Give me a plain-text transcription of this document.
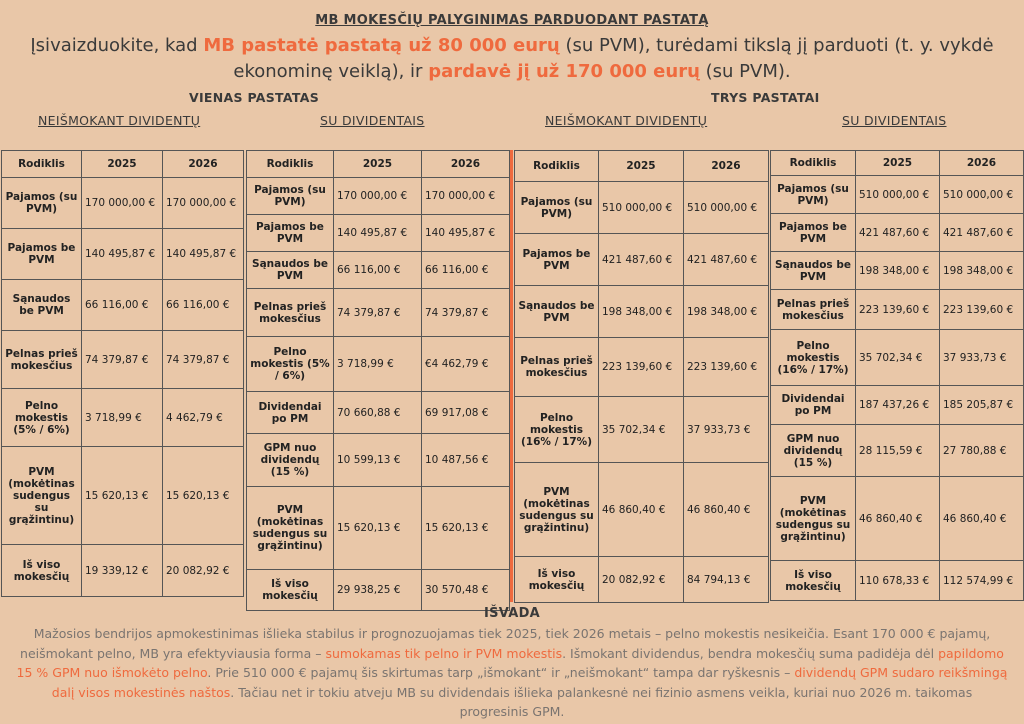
MB MOKESČIŲ PALYGINIMAS PARDUODANT PASTATĄ
Įsivaizduokite, kad MB pastatė pastatą už 80 000 eurų (su PVM), turėdami tikslą jį parduoti (t. y. vykdė ekonominę veiklą), ir pardavė jį už 170 000 eurų (su PVM).
VIENAS PASTATAS	TRYS PASTATAI
NEIŠMOKANT DIVIDENTŲ	SU DIVIDENTAIS	NEIŠMOKANT DIVIDENTŲ	SU DIVIDENTAIS
Rodiklis	2025	2026
Pajamos (su PVM)	170 000,00 €	170 000,00 €
Pajamos be PVM	140 495,87 €	140 495,87 €
Sąnaudos be PVM	66 116,00 €	66 116,00 €
Pelnas prieš mokesčius	74 379,87 €	74 379,87 €
Pelno mokestis (5% / 6%)	3 718,99 €	4 462,79 €
PVM (mokėtinas sudengus su grąžintinu)	15 620,13 €	15 620,13 €
Iš viso mokesčių	19 339,12 €	20 082,92 €
Rodiklis	2025	2026
Pajamos (su PVM)	170 000,00 €	170 000,00 €
Pajamos be PVM	140 495,87 €	140 495,87 €
Sąnaudos be PVM	66 116,00 €	66 116,00 €
Pelnas prieš mokesčius	74 379,87 €	74 379,87 €
Pelno mokestis (5% / 6%)	3 718,99 €	€4 462,79 €
Dividendai po PM	70 660,88 €	69 917,08 €
GPM nuo dividendų (15 %)	10 599,13 €	10 487,56 €
PVM (mokėtinas sudengus su grąžintinu)	15 620,13 €	15 620,13 €
Iš viso mokesčių	29 938,25 €	30 570,48 €
Rodiklis	2025	2026
Pajamos (su PVM)	510 000,00 €	510 000,00 €
Pajamos be PVM	421 487,60 €	421 487,60 €
Sąnaudos be PVM	198 348,00 €	198 348,00 €
Pelnas prieš mokesčius	223 139,60 €	223 139,60 €
Pelno mokestis (16% / 17%)	35 702,34 €	37 933,73 €
PVM (mokėtinas sudengus su grąžintinu)	46 860,40 €	46 860,40 €
Iš viso mokesčių	20 082,92 €	84 794,13 €
Rodiklis	2025	2026
Pajamos (su PVM)	510 000,00 €	510 000,00 €
Pajamos be PVM	421 487,60 €	421 487,60 €
Sąnaudos be PVM	198 348,00 €	198 348,00 €
Pelnas prieš mokesčius	223 139,60 €	223 139,60 €
Pelno mokestis (16% / 17%)	35 702,34 €	37 933,73 €
Dividendai po PM	187 437,26 €	185 205,87 €
GPM nuo dividendų (15 %)	28 115,59 €	27 780,88 €
PVM (mokėtinas sudengus su grąžintinu)	46 860,40 €	46 860,40 €
Iš viso mokesčių	110 678,33 €	112 574,99 €
IŠVADA
Mažosios bendrijos apmokestinimas išlieka stabilus ir prognozuojamas tiek 2025, tiek 2026 metais – pelno mokestis nesikeičia. Esant 170 000 € pajamų, neišmokant pelno, MB yra efektyviausia forma – sumokamas tik pelno ir PVM mokestis. Išmokant dividendus, bendra mokesčių suma padidėja dėl papildomo 15 % GPM nuo išmokėto pelno. Prie 510 000 € pajamų šis skirtumas tarp „išmokant“ ir „neišmokant“ tampa dar ryškesnis – dividendų GPM sudaro reikšmingą dalį visos mokestinės naštos. Tačiau net ir tokiu atveju MB su dividendais išlieka palankesnė nei fizinio asmens veikla, kuriai nuo 2026 m. taikomas progresinis GPM.
